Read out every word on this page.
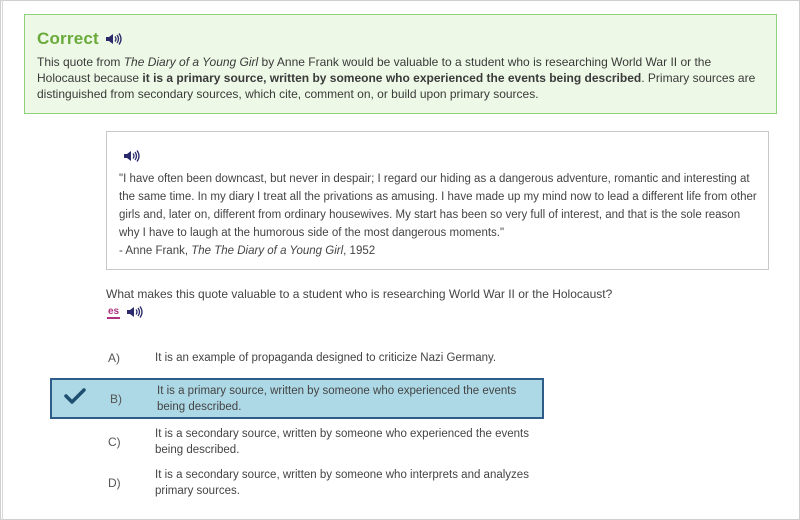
Correct

This quote from The Diary of a Young Girl by Anne Frank would be valuable to a student who is researching World War II or the Holocaust because it is a primary source, written by someone who experienced the events being described. Primary sources are distinguished from secondary sources, which cite, comment on, or build upon primary sources.

"I have often been downcast, but never in despair; I regard our hiding as a dangerous adventure, romantic and interesting at the same time. In my diary I treat all the privations as amusing. I have made up my mind now to lead a different life from other girls and, later on, different from ordinary housewives. My start has been so very full of interest, and that is the sole reason why I have to laugh at the humorous side of the most dangerous moments."

- Anne Frank, The The Diary of a Young Girl, 1952

What makes this quote valuable to a student who is researching World War II or the Holocaust?
es
A)	It is an example of propaganda designed to criticize Nazi Germany.
B)
It is a primary source, written by someone who experienced the events being described.
C)
It is a secondary source, written by someone who experienced the events being described.
D)
It is a secondary source, written by someone who interprets and analyzes primary sources.
